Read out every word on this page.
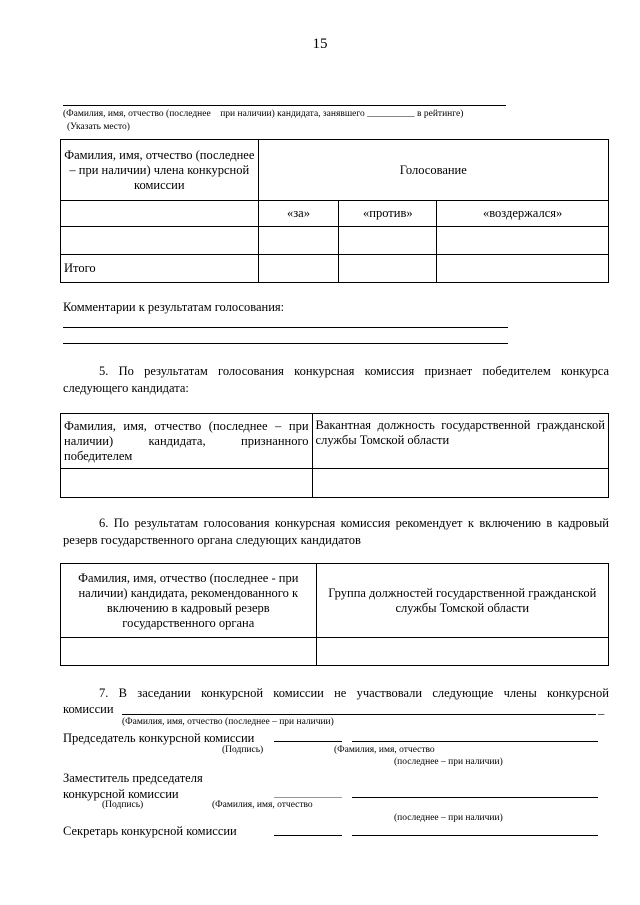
15
(Фамилия, имя, отчество (последнее    при наличии) кандидата, занявшего __________ в рейтинге)
(Указать место)
Фамилия, имя, отчество (последнее – при наличии) члена конкурсной комиссии	Голосование		
	«за»	«против»	«воздержался»

Итого			
Комментарии к результатам голосования:
5. По результатам голосования конкурсная комиссия признает победителем конкурса следующего кандидата:
Фамилия, имя, отчество (последнее – при наличии) кандидата, признанного победителем	Вакантная должность государственной гражданской службы Томской области

6. По результатам голосования конкурсная комиссия рекомендует к включению в кадровый резерв государственного органа следующих кандидатов
Фамилия, имя, отчество (последнее - при наличии) кандидата, рекомендованного к включению в кадровый резерв государственного органа	Группа должностей государственной гражданской службы Томской области

7. В заседании конкурсной комиссии не участвовали следующие члены конкурсной
комиссии	_
(Фамилия, имя, отчество (последнее – при наличии)
Председатель конкурсной комиссии
(Подпись)	(Фамилия, имя, отчество
(последнее – при наличии)
Заместитель председателя
конкурсной комиссии
(Подпись)	(Фамилия, имя, отчество
(последнее – при наличии)
Секретарь конкурсной комиссии
